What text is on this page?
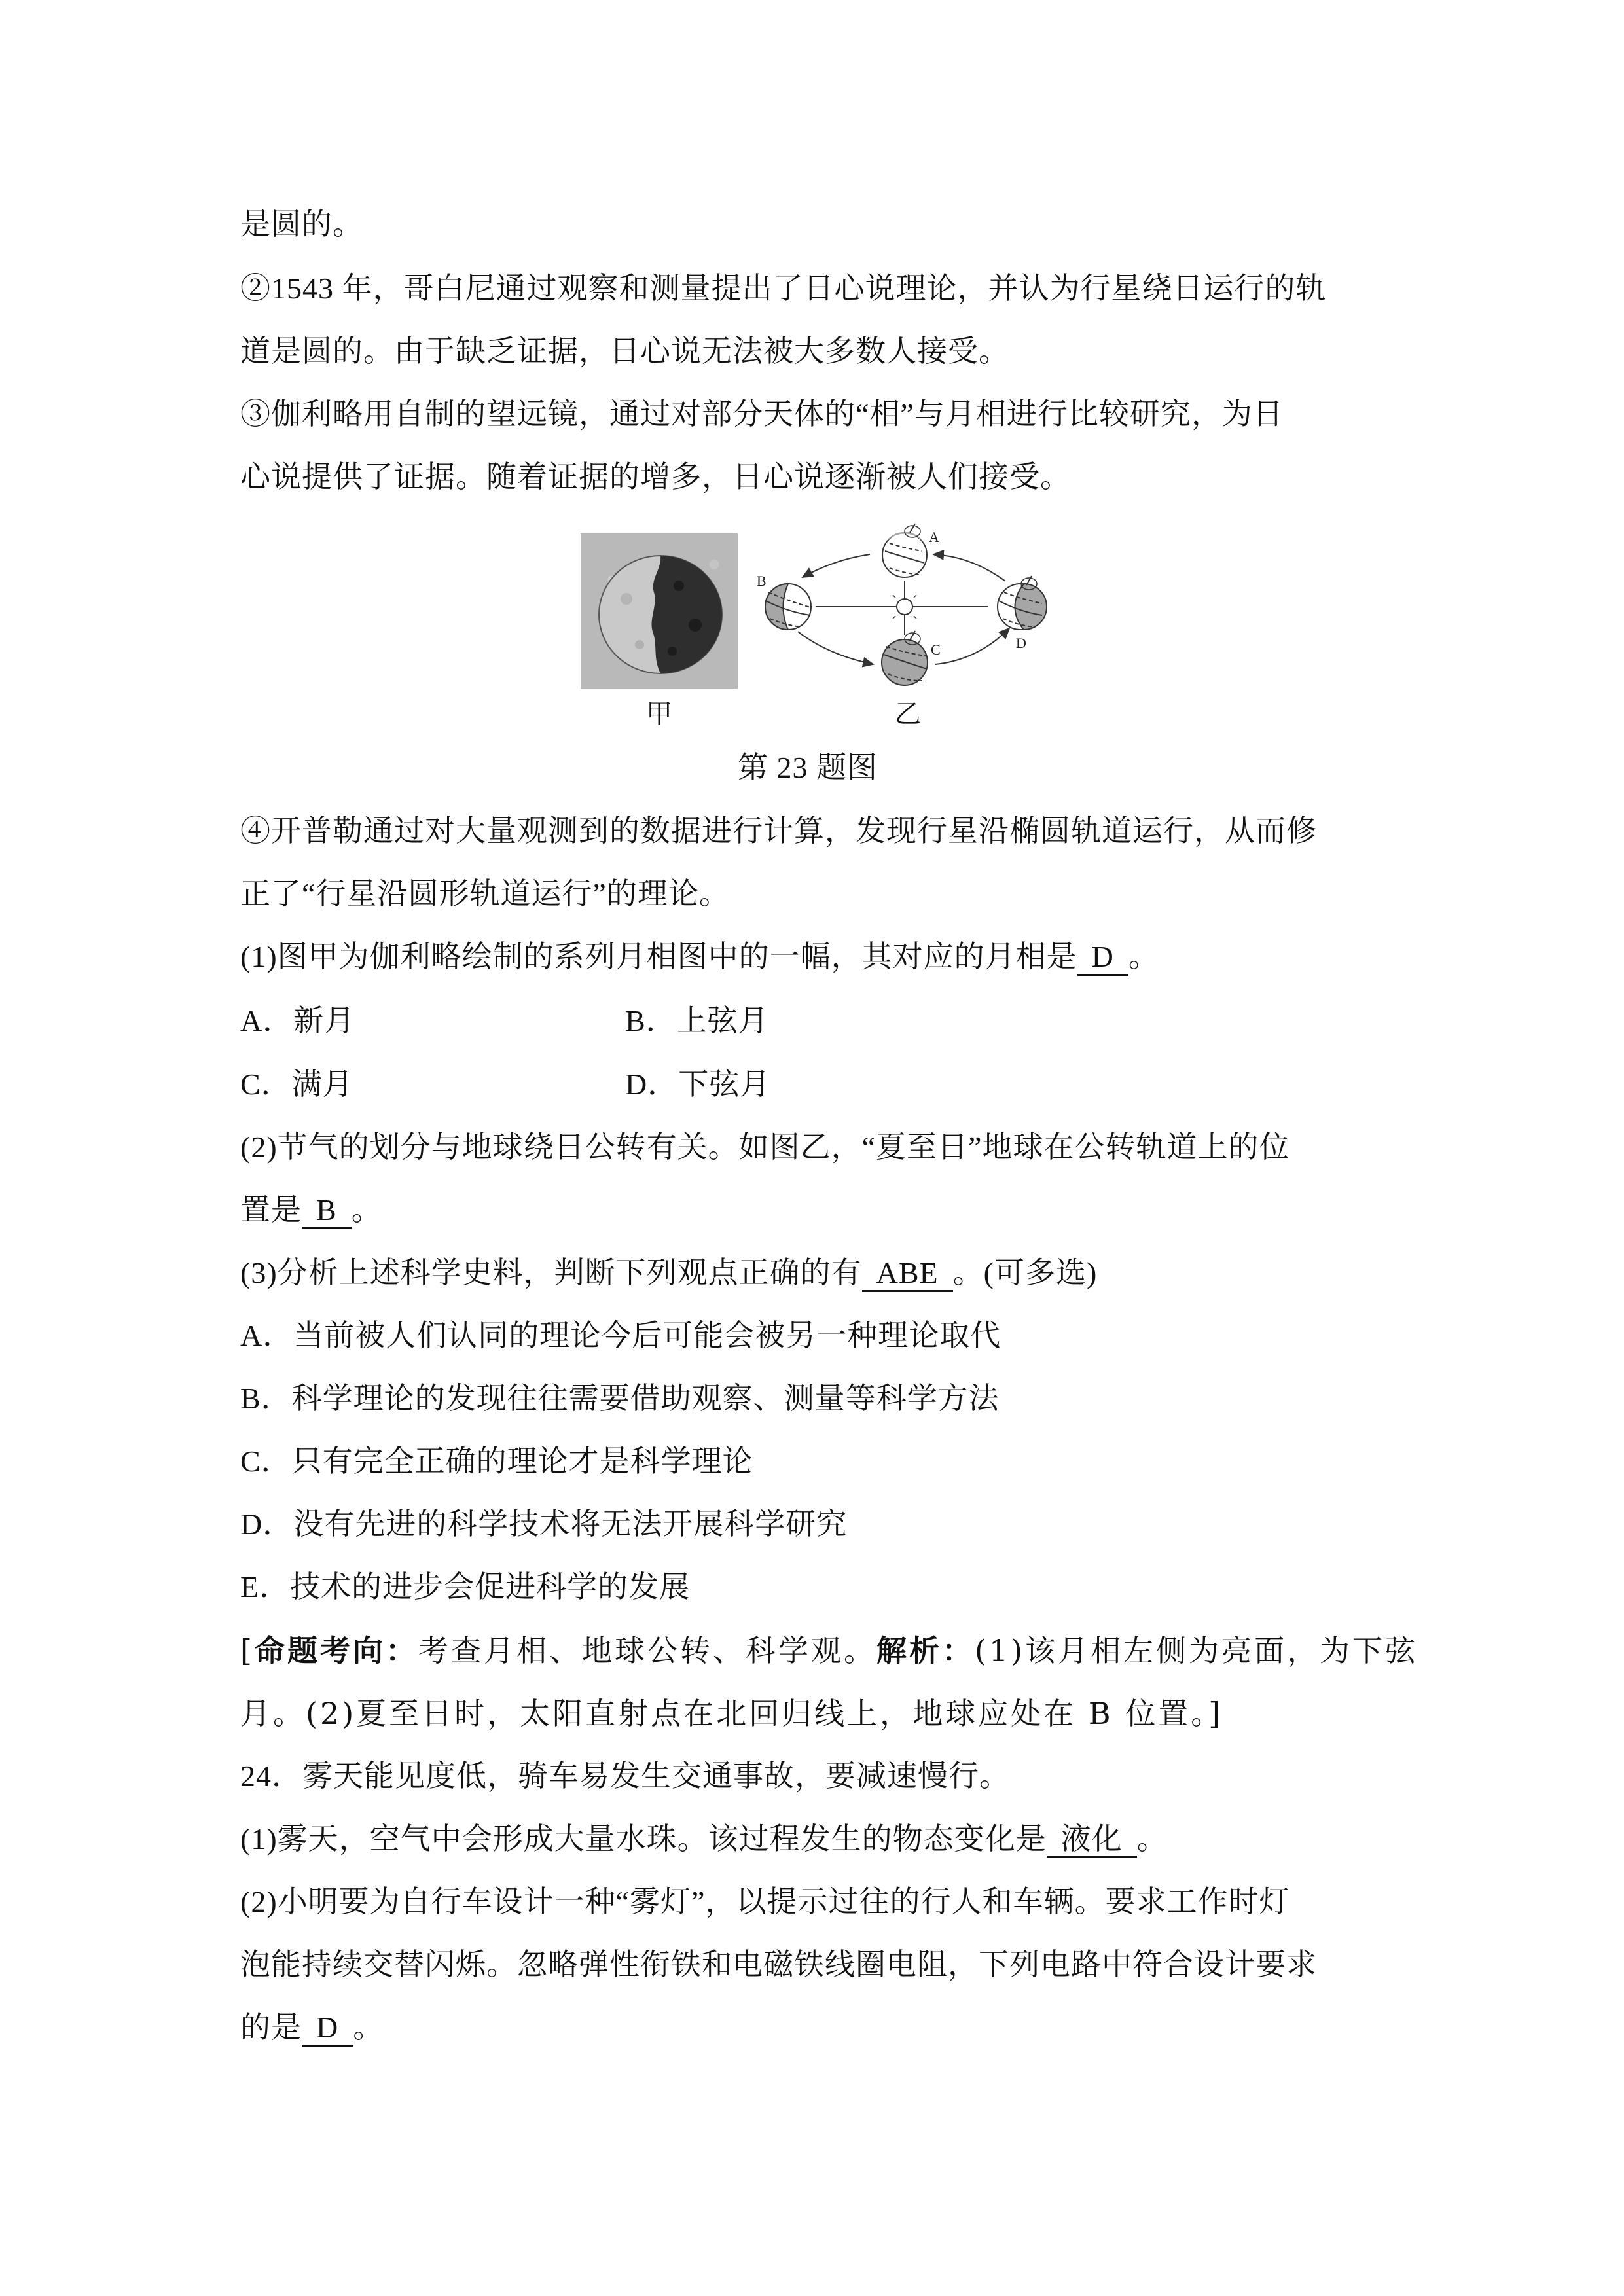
是圆的。
②1543 年，哥白尼通过观察和测量提出了日心说理论，并认为行星绕日运行的轨
道是圆的。由于缺乏证据，日心说无法被大多数人接受。
③伽利略用自制的望远镜，通过对部分天体的“相”与月相进行比较研究，为日
心说提供了证据。随着证据的增多，日心说逐渐被人们接受。
甲
A
B
C	D
乙
第 23 题图
④开普勒通过对大量观测到的数据进行计算，发现行星沿椭圆轨道运行，从而修
正了“行星沿圆形轨道运行”的理论。
(1)图甲为伽利略绘制的系列月相图中的一幅，其对应的月相是 D 。
A．新月	B．上弦月
C．满月	D．下弦月
(2)节气的划分与地球绕日公转有关。如图乙，“夏至日”地球在公转轨道上的位
置是 B 。
(3)分析上述科学史料，判断下列观点正确的有 ABE 。(可多选)
A．当前被人们认同的理论今后可能会被另一种理论取代
B．科学理论的发现往往需要借助观察、测量等科学方法
C．只有完全正确的理论才是科学理论
D．没有先进的科学技术将无法开展科学研究
E．技术的进步会促进科学的发展
[命题考向：考查月相、地球公转、科学观。解析：(1)该月相左侧为亮面，为下弦
月。(2)夏至日时，太阳直射点在北回归线上，地球应处在 B 位置。]
24．雾天能见度低，骑车易发生交通事故，要减速慢行。
(1)雾天，空气中会形成大量水珠。该过程发生的物态变化是 液化 。
(2)小明要为自行车设计一种“雾灯”，以提示过往的行人和车辆。要求工作时灯
泡能持续交替闪烁。忽略弹性衔铁和电磁铁线圈电阻，下列电路中符合设计要求
的是 D 。
